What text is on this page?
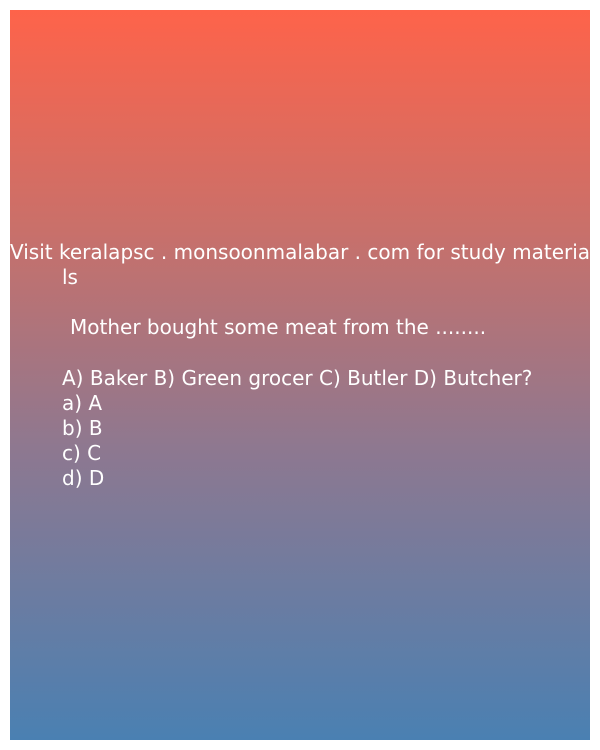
Visit keralapsc . monsoonmalabar . com for study materia
ls
Mother bought some meat from the ........
A) Baker B) Green grocer C) Butler D) Butcher?
a) A
b) B
c) C
d) D
